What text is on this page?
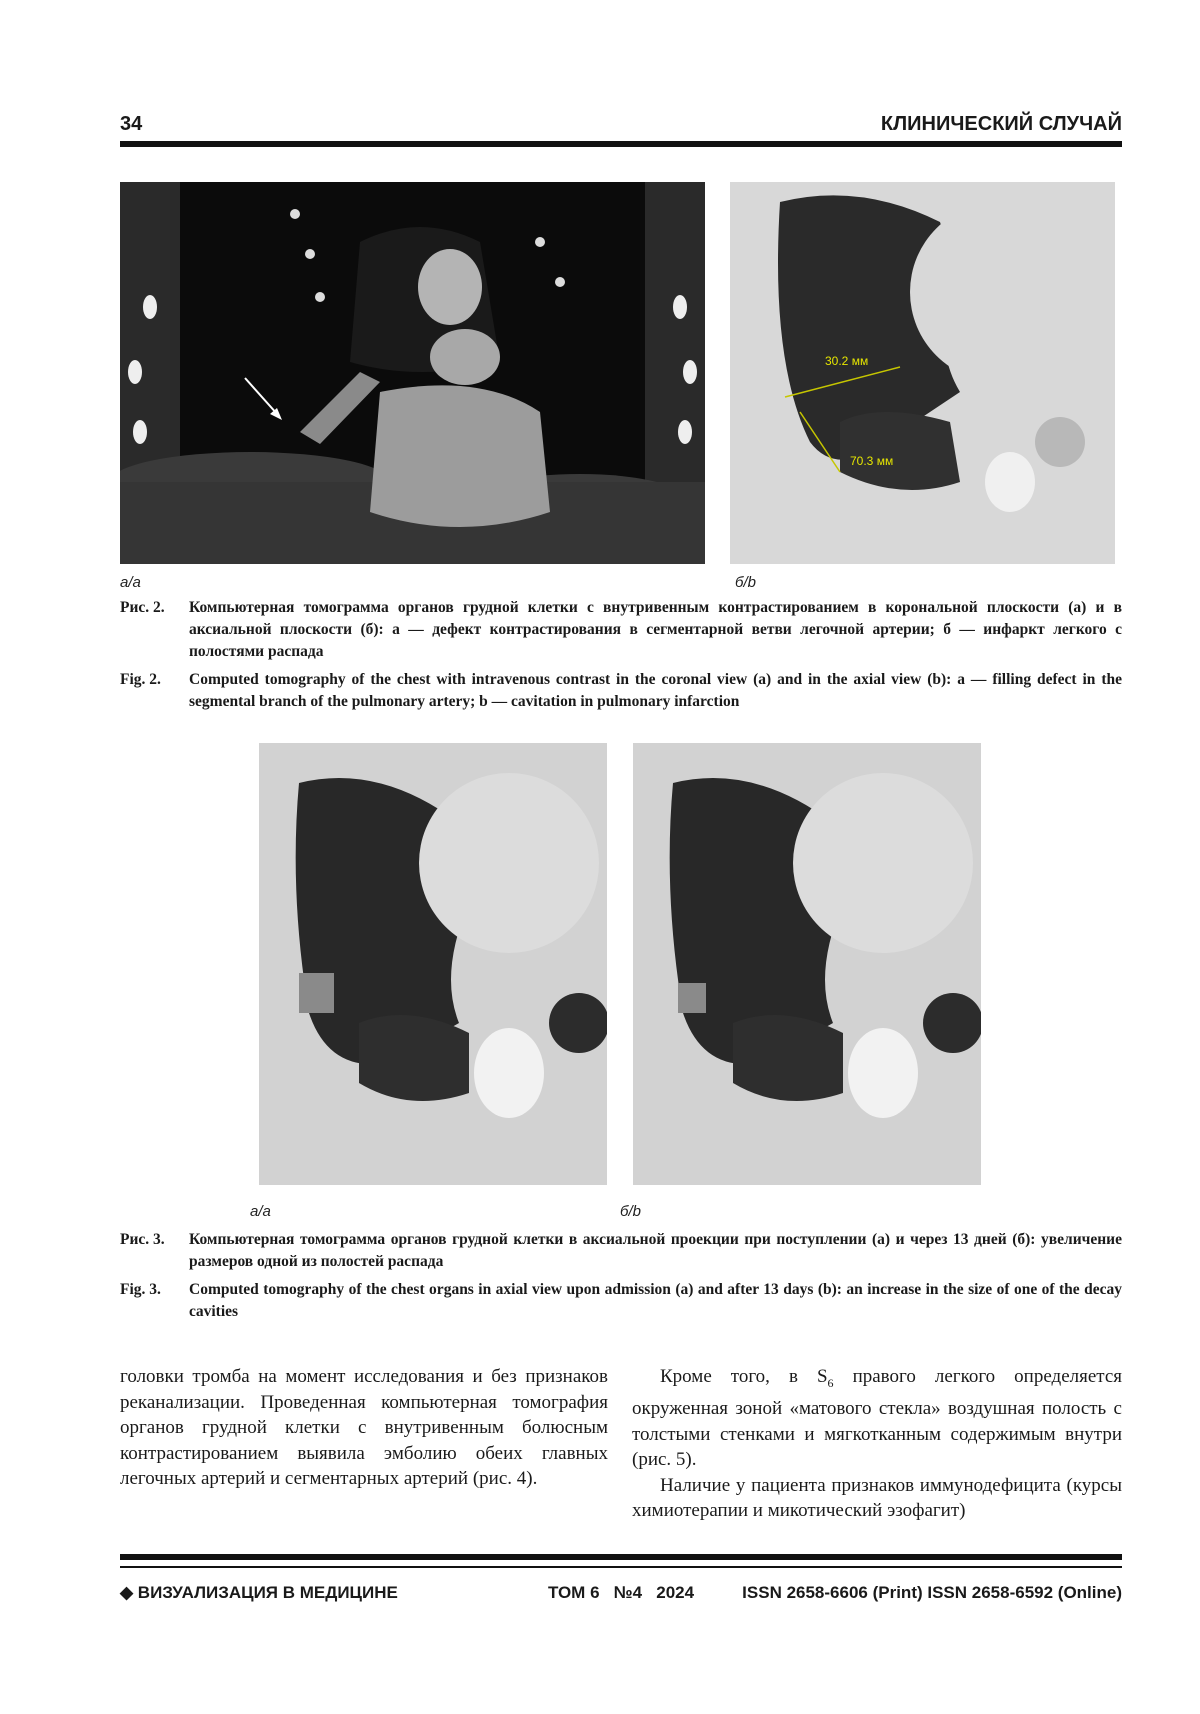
34	КЛИНИЧЕСКИЙ СЛУЧАЙ
30.2 мм
70.3 мм
а/a	б/b
Рис. 2. Компьютерная томограмма органов грудной клетки с внутривенным контрастированием в корональной плоскости (а) и в аксиальной плоскости (б): а — дефект контрастирования в сегментарной ветви легочной артерии; б — инфаркт легкого с полостями распада
Fig. 2. Computed tomography of the chest with intravenous contrast in the coronal view (a) and in the axial view (b): a — filling defect in the segmental branch of the pulmonary artery; b — cavitation in pulmonary infarction
а/a	б/b
Рис. 3. Компьютерная томограмма органов грудной клетки в аксиальной проекции при поступлении (а) и через 13 дней (б): увеличение размеров одной из полостей распада
Fig. 3. Computed tomography of the chest organs in axial view upon admission (a) and after 13 days (b): an increase in the size of one of the decay cavities

головки тромба на момент исследования и без признаков реканализации. Проведенная компьютерная томография органов грудной клетки с внутривенным болюсным контрастированием выявила эмболию обеих главных легочных артерий и сегментарных артерий (рис. 4).

Кроме того, в $S_6$ правого легкого определяется окруженная зоной «матового стекла» воздушная полость с толстыми стенками и мягкотканным содержимым внутри (рис. 5).

Наличие у пациента признаков иммунодефицита (курсы химиотерапии и микотический эзофагит)

◆ ВИЗУАЛИЗАЦИЯ В МЕДИЦИНЕ	ТОМ 6   №4   2024	ISSN 2658-6606 (Print) ISSN 2658-6592 (Online)
